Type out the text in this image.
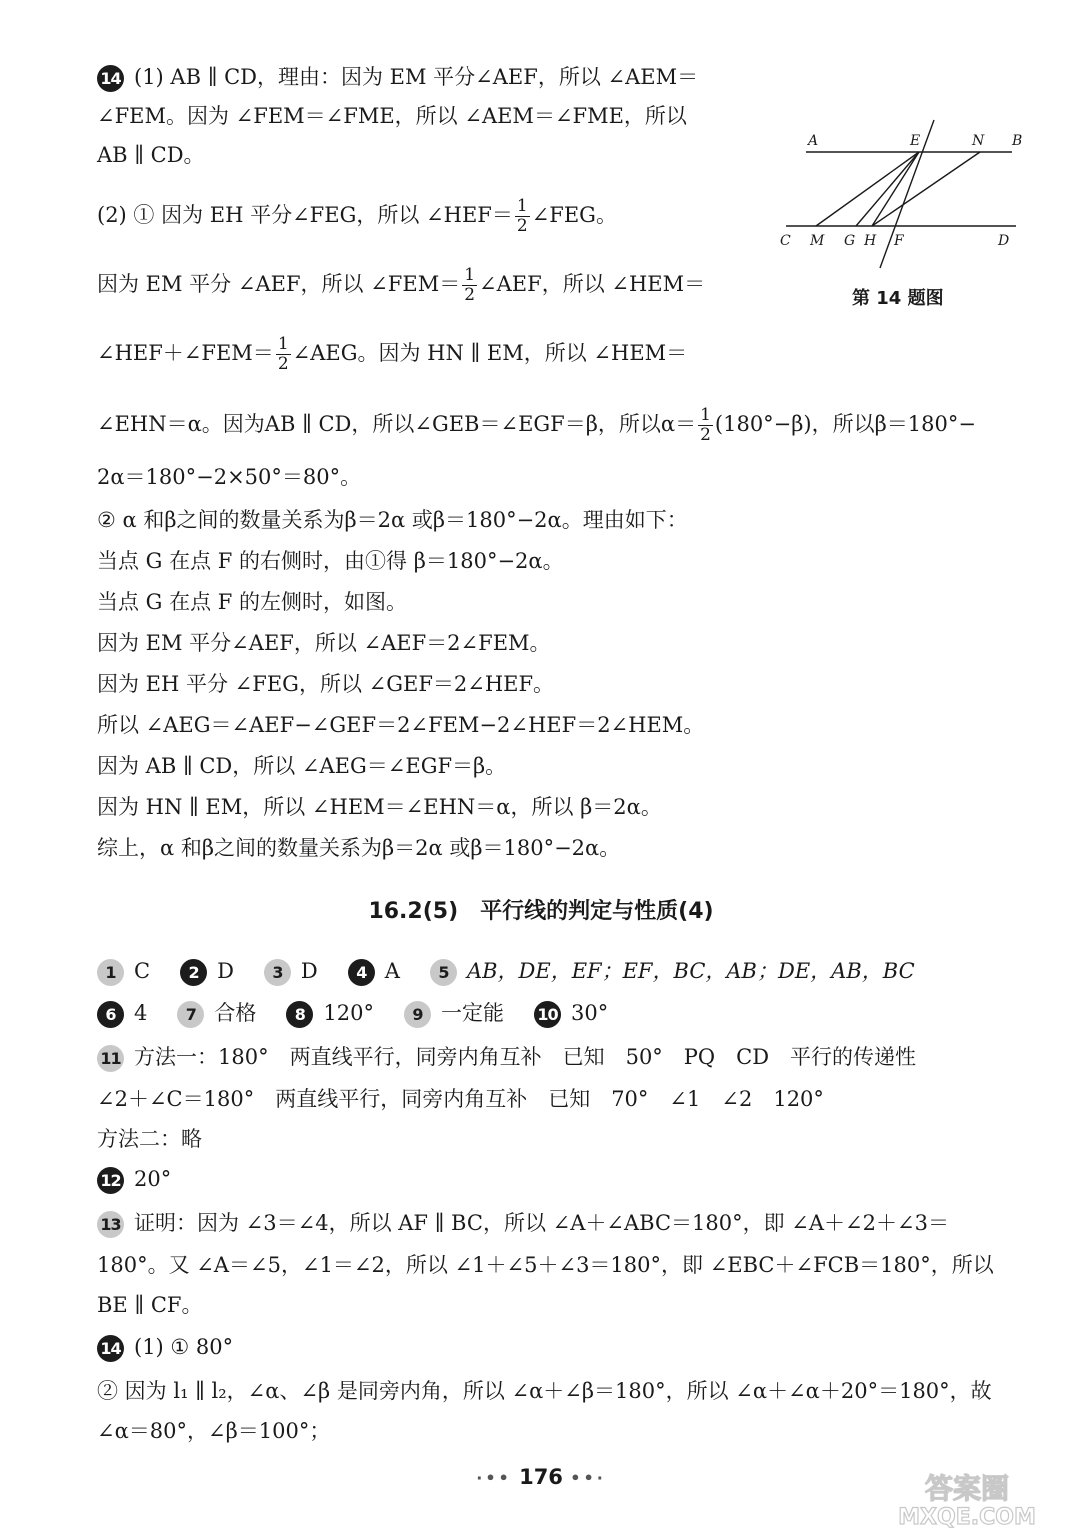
14 (1) AB ∥ CD，理由：因为 EM 平分∠AEF，所以 ∠AEM＝
∠FEM。因为 ∠FEM＝∠FME，所以 ∠AEM＝∠FME，所以
AB ∥ CD。
(2) ① 因为 EH 平分∠FEG，所以 ∠HEF＝ $\frac{1}{2}$ ∠FEG。
因为 EM 平分 ∠AEF，所以 ∠FEM＝ $\frac{1}{2}$ ∠AEF，所以 ∠HEM＝
∠HEF＋∠FEM＝ $\frac{1}{2}$ ∠AEG。因为 HN ∥ EM，所以 ∠HEM＝
∠EHN＝α。因为AB ∥ CD，所以∠GEB＝∠EGF＝β，所以$\alpha= \frac{1}{2} (180^\circ-\beta)$，所以β＝180°−
2α＝180°−2×50°＝80°。
② α 和β之间的数量关系为β＝2α 或β＝180°−2α。理由如下：
当点 G 在点 F 的右侧时，由①得 β＝180°−2α。
当点 G 在点 F 的左侧时，如图。
因为 EM 平分∠AEF，所以 ∠AEF＝2∠FEM。
因为 EH 平分 ∠FEG，所以 ∠GEF＝2∠HEF。
所以 ∠AEG＝∠AEF−∠GEF＝2∠FEM−2∠HEF＝2∠HEM。
因为 AB ∥ CD，所以 ∠AEG＝∠EGF＝β。
因为 HN ∥ EM，所以 ∠HEM＝∠EHN＝α，所以 β＝2α。
综上，α 和β之间的数量关系为β＝2α 或β＝180°−2α。
A	E	N B
C M G H F	D
第 14 题图
16.2(5)　平行线的判定与性质(4)
1 C 2 D 3 D 4 A 5 AB，DE，EF；EF，BC，AB；DE，AB，BC
6 4 7 合格 8 120° 9 一定能 10 30°
11 方法一：180°　两直线平行，同旁内角互补　已知　50°　PQ　CD　平行的传递性
∠2＋∠C＝180°　两直线平行，同旁内角互补　已知　70°　∠1　∠2　120°
方法二：略
12 20°
13 证明：因为 ∠3＝∠4，所以 AF ∥ BC，所以 ∠A＋∠ABC＝180°，即 ∠A＋∠2＋∠3＝
180°。又 ∠A＝∠5，∠1＝∠2，所以 ∠1＋∠5＋∠3＝180°，即 ∠EBC＋∠FCB＝180°，所以
BE ∥ CF。
14 (1) ① 80°
② 因为 l₁ ∥ l₂，∠α、∠β 是同旁内角，所以 ∠α＋∠β＝180°，所以 ∠α＋∠α＋20°＝180°，故
∠α＝80°，∠β＝100°；
·•• 176 ••·	答案圈
MXQE.COM
